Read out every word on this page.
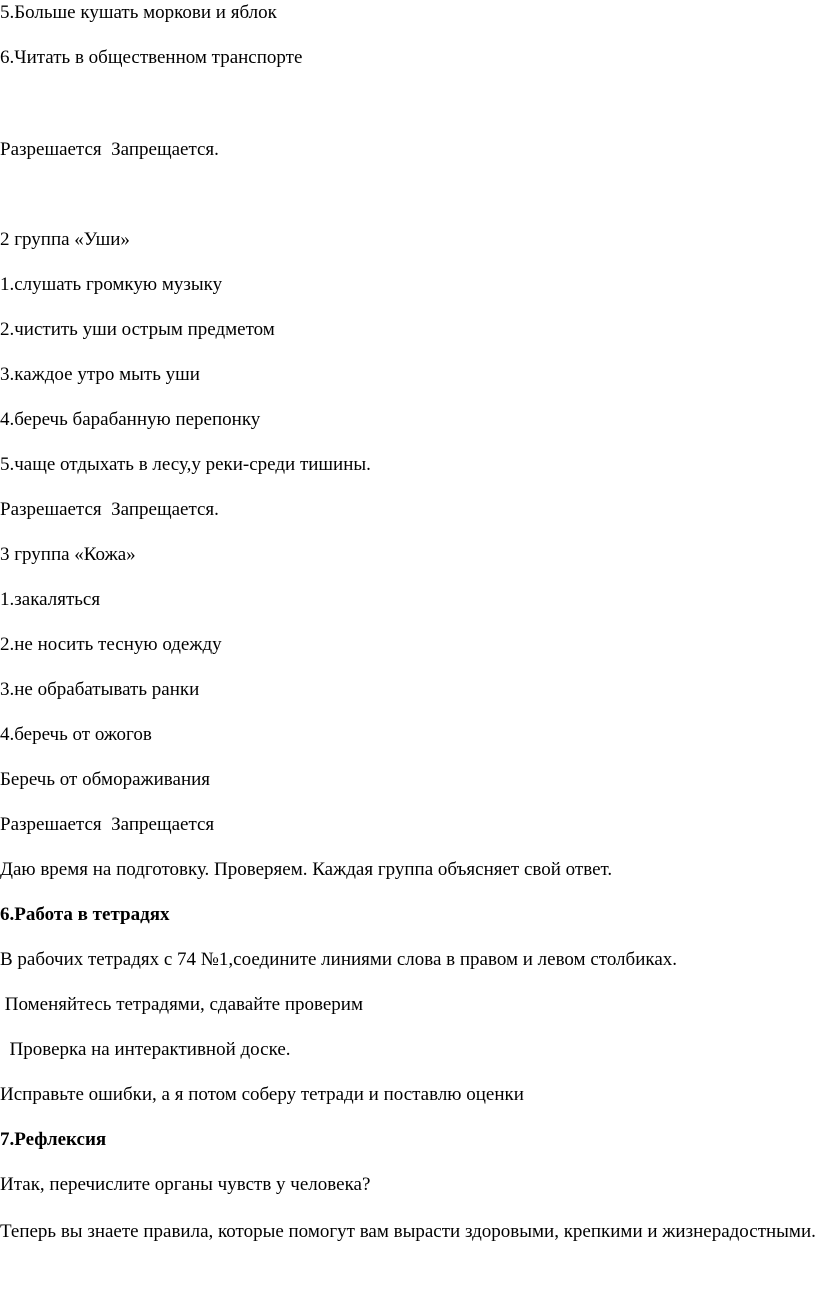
5.Больше кушать моркови и яблок
6.Читать в общественном транспорте
Разрешается  Запрещается.
2 группа «Уши»
1.слушать громкую музыку
2.чистить уши острым предметом
3.каждое утро мыть уши
4.беречь барабанную перепонку
5.чаще отдыхать в лесу,у реки-среди тишины.
Разрешается  Запрещается.
3 группа «Кожа»
1.закаляться
2.не носить тесную одежду
3.не обрабатывать ранки
4.беречь от ожогов
Беречь от обмораживания
Разрешается  Запрещается
Даю время на подготовку. Проверяем. Каждая группа объясняет свой ответ.
6.Работа в тетрадях
В рабочих тетрадях с 74 №1,соедините линиями слова в правом и левом столбиках.
Поменяйтесь тетрадями, сдавайте проверим
Проверка на интерактивной доске.
Исправьте ошибки, а я потом соберу тетради и поставлю оценки
7.Рефлексия
Итак, перечислите органы чувств у человека?
Теперь вы знаете правила, которые помогут вам вырасти здоровыми, крепкими и жизнерадостными.
